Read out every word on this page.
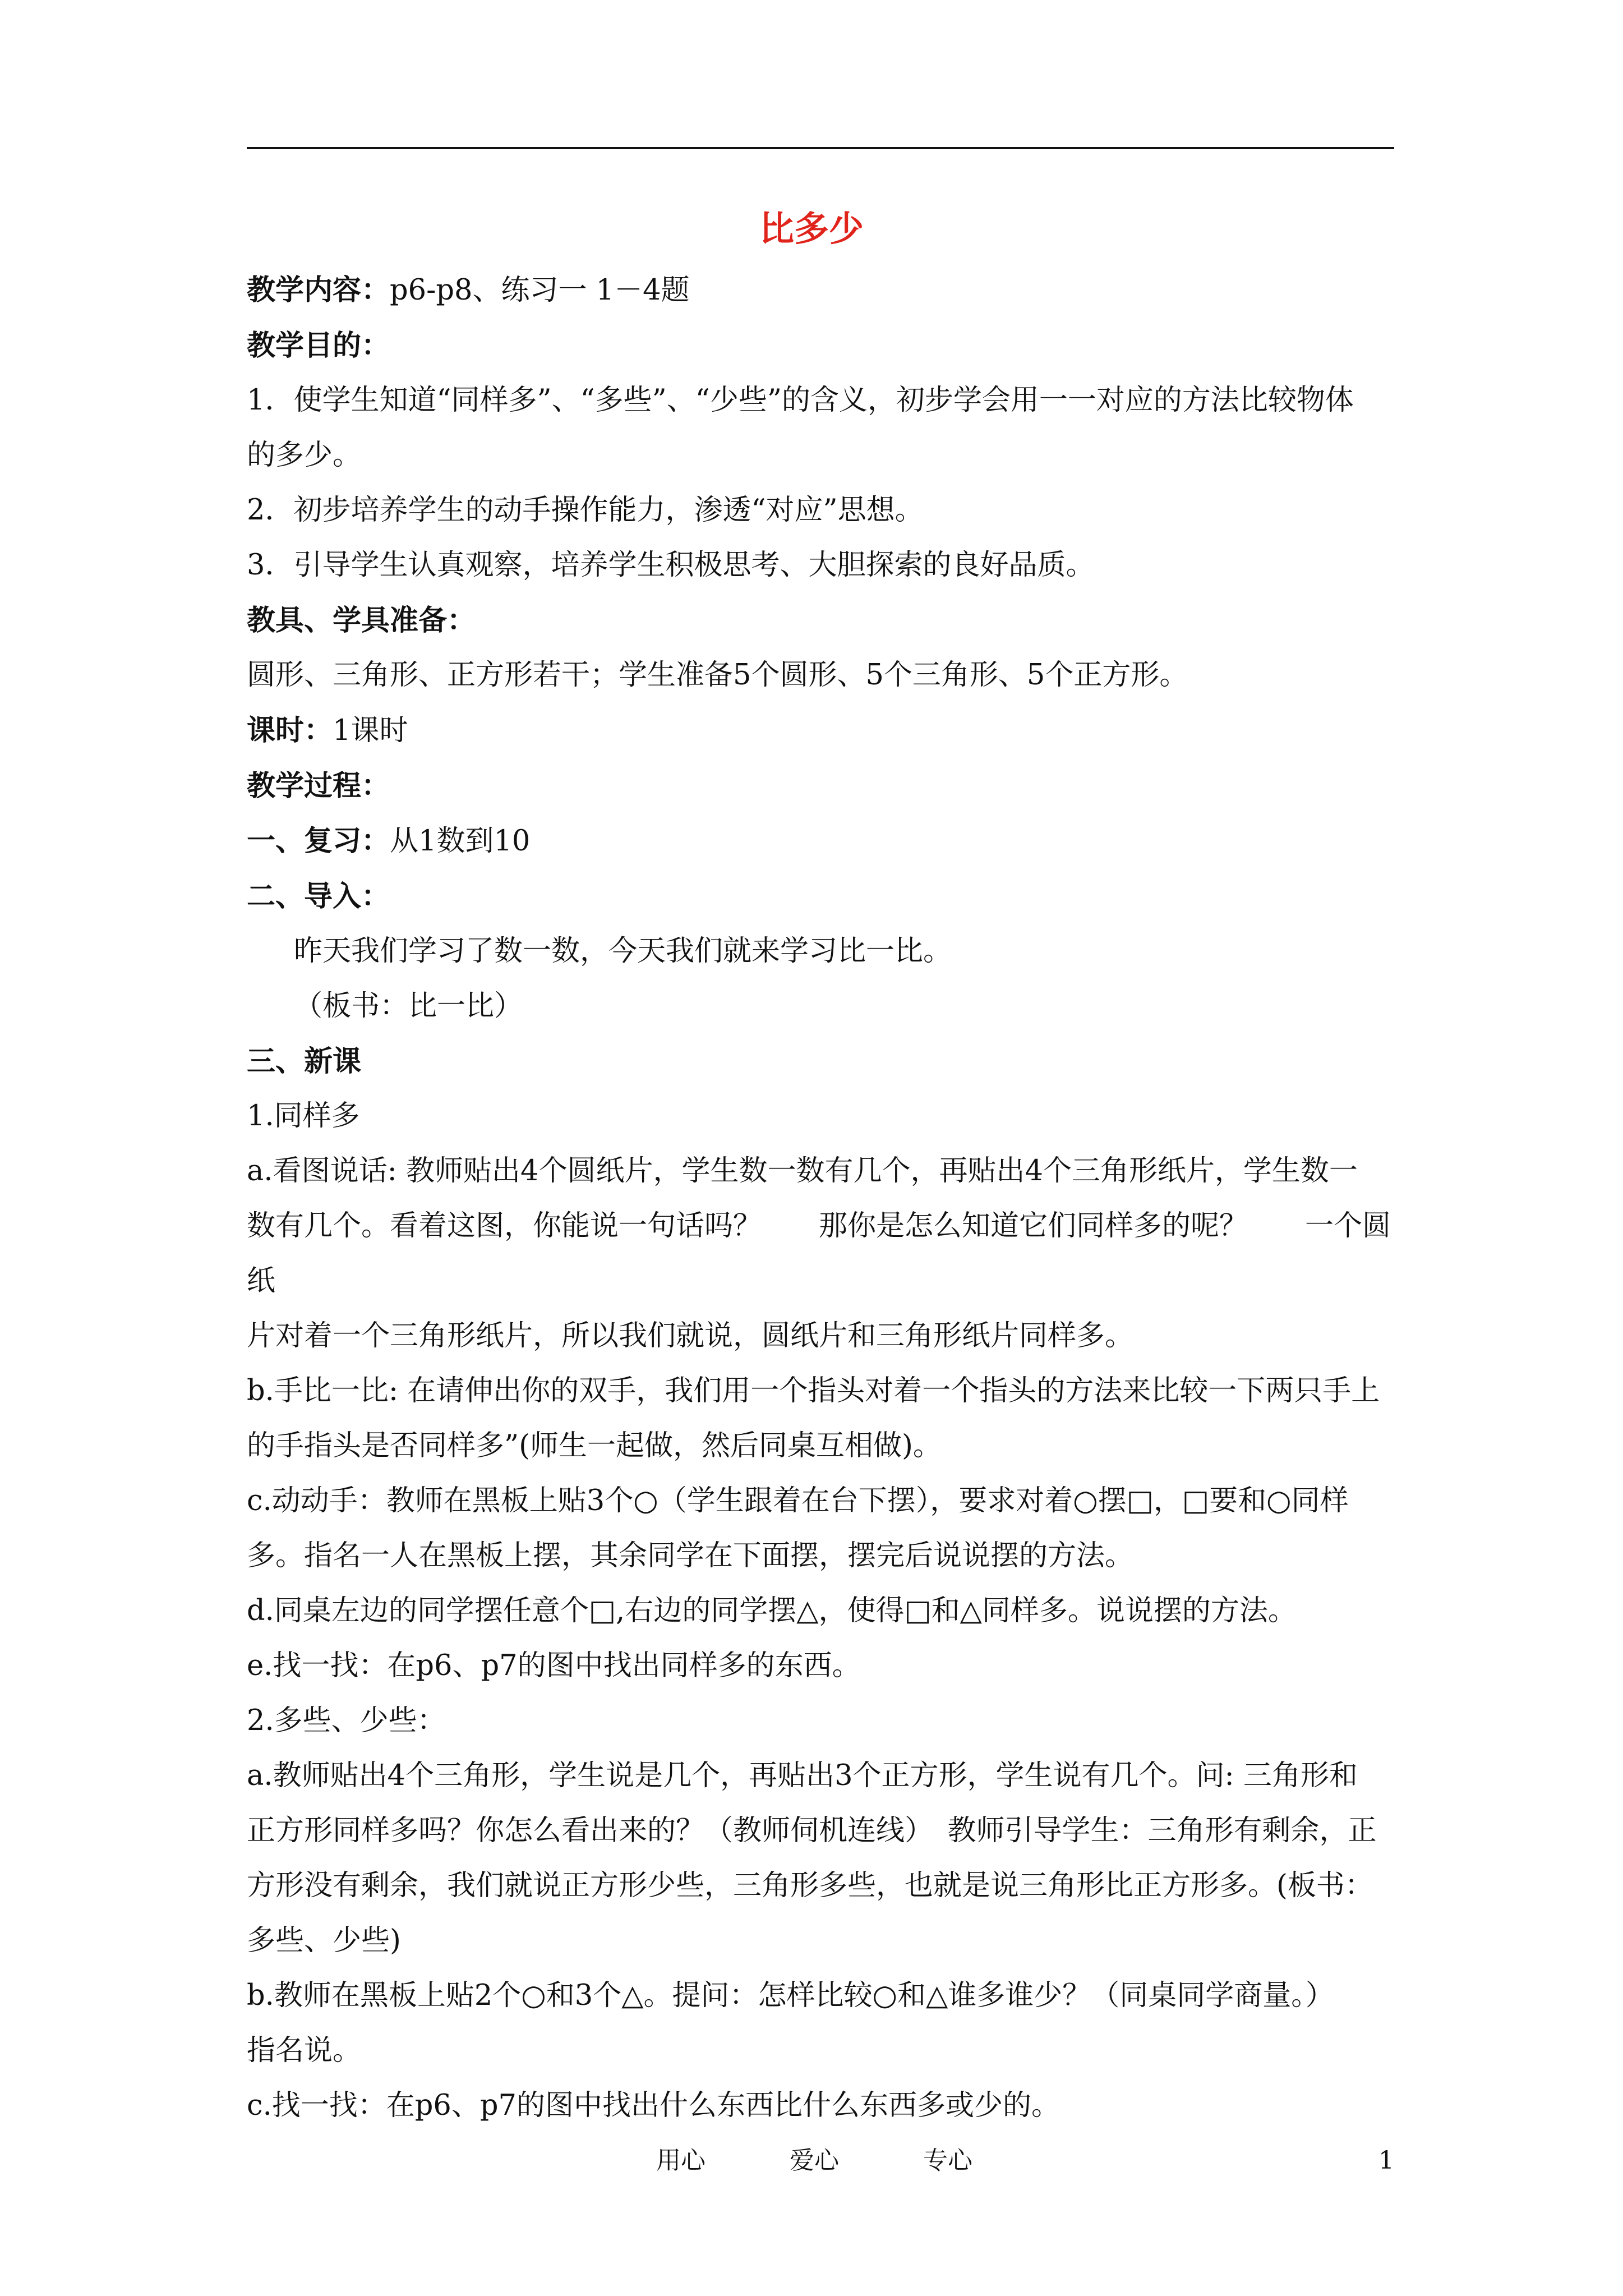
比多少

教学内容：p6-p8、练习一 1－4题

教学目的：

1．使学生知道“同样多”、“多些”、“少些”的含义，初步学会用一一对应的方法比较物体

的多少。

2．初步培养学生的动手操作能力，渗透“对应”思想。

3．引导学生认真观察，培养学生积极思考、大胆探索的良好品质。

教具、学具准备：

圆形、三角形、正方形若干；学生准备5个圆形、5个三角形、5个正方形。

课时：1课时

教学过程：

一、复习：从1数到10

二、导入：

昨天我们学习了数一数，今天我们就来学习比一比。

（板书：比一比）

三、新课

1.同样多

a.看图说话: 教师贴出4个圆纸片，学生数一数有几个，再贴出4个三角形纸片，学生数一

数有几个。看着这图，你能说一句话吗？　　那你是怎么知道它们同样多的呢？　　一个圆纸

片对着一个三角形纸片，所以我们就说，圆纸片和三角形纸片同样多。

b.手比一比: 在请伸出你的双手，我们用一个指头对着一个指头的方法来比较一下两只手上

的手指头是否同样多”(师生一起做，然后同桌互相做)。

c.动动手：教师在黑板上贴3个○（学生跟着在台下摆），要求对着○摆□，□要和○同样

多。指名一人在黑板上摆，其余同学在下面摆，摆完后说说摆的方法。

d.同桌左边的同学摆任意个□,右边的同学摆△，使得□和△同样多。说说摆的方法。

e.找一找：在p6、p7的图中找出同样多的东西。

2.多些、少些：

a.教师贴出4个三角形，学生说是几个，再贴出3个正方形，学生说有几个。问: 三角形和

正方形同样多吗？你怎么看出来的？（教师伺机连线）　教师引导学生：三角形有剩余，正

方形没有剩余，我们就说正方形少些，三角形多些，也就是说三角形比正方形多。(板书：

多些、少些)

b.教师在黑板上贴2个○和3个△。提问：怎样比较○和△谁多谁少？（同桌同学商量。）

指名说。

c.找一找：在p6、p7的图中找出什么东西比什么东西多或少的。

用心	爱心	专心	1
